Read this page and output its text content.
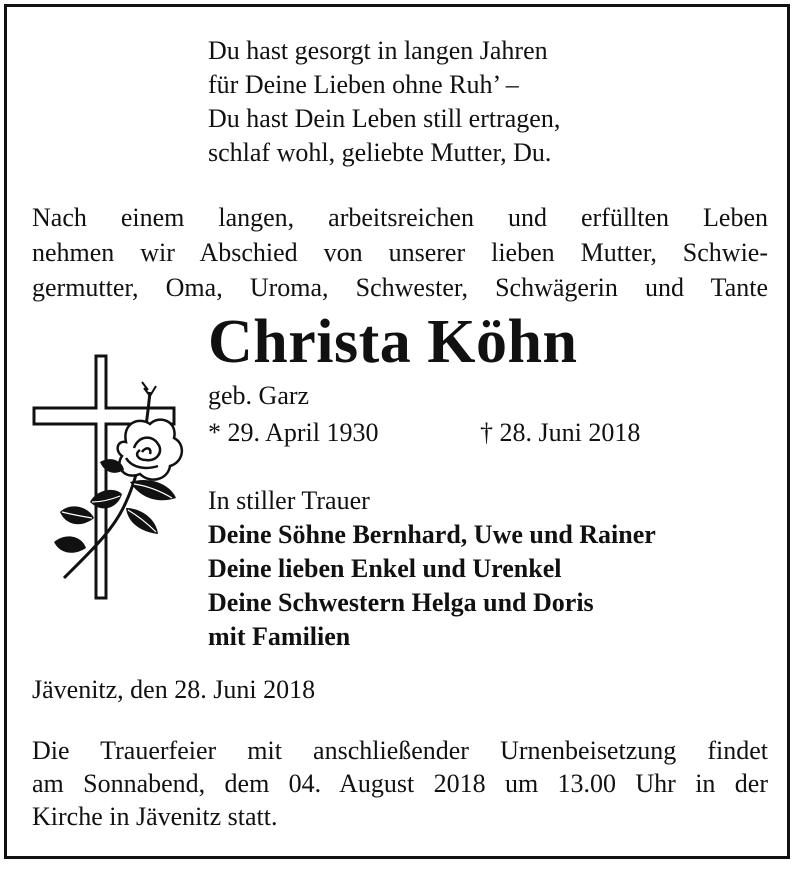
Du hast gesorgt in langen Jahren
für Deine Lieben ohne Ruh’ –
Du hast Dein Leben still ertragen,
schlaf wohl, geliebte Mutter, Du.
Nach einem langen, arbeitsreichen und erfüllten Leben
nehmen wir Abschied von unserer lieben Mutter, Schwie-
germutter, Oma, Uroma, Schwester, Schwägerin und Tante
Christa Köhn
geb. Garz
* 29. April 1930	† 28. Juni 2018
In stiller Trauer
Deine Söhne Bernhard, Uwe und Rainer
Deine lieben Enkel und Urenkel
Deine Schwestern Helga und Doris
mit Familien
Jävenitz, den 28. Juni 2018
Die Trauerfeier mit anschließender Urnenbeisetzung findet
am Sonnabend, dem 04. August 2018 um 13.00 Uhr in der
Kirche in Jävenitz statt.
